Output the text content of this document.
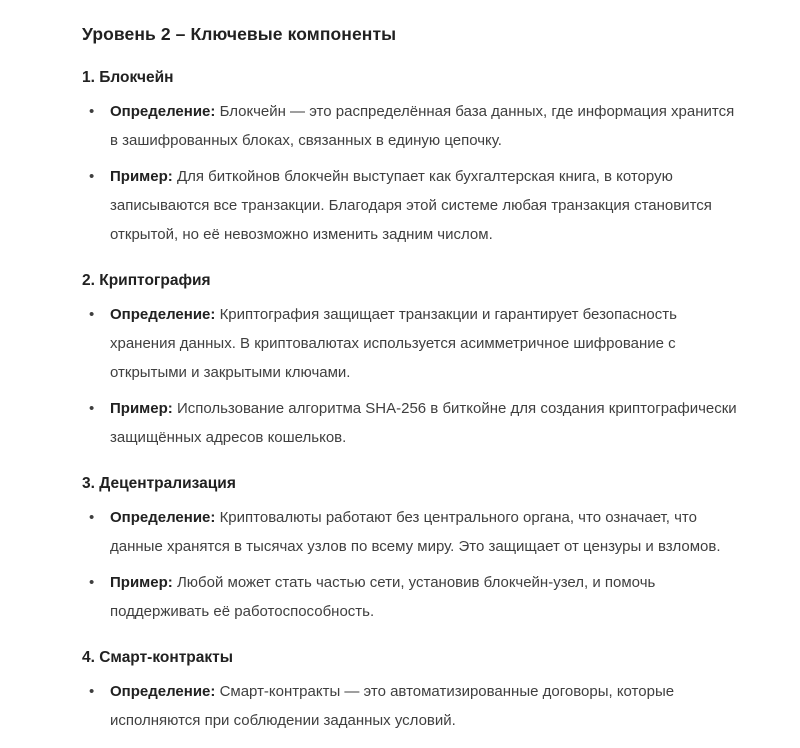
Уровень 2 – Ключевые компоненты
1. Блокчейн
• Определение: Блокчейн — это распределённая база данных, где информация хранится в зашифрованных блоках, связанных в единую цепочку.
• Пример: Для биткойнов блокчейн выступает как бухгалтерская книга, в которую записываются все транзакции. Благодаря этой системе любая транзакция становится открытой, но её невозможно изменить задним числом.
2. Криптография
• Определение: Криптография защищает транзакции и гарантирует безопасность хранения данных. В криптовалютах используется асимметричное шифрование с открытыми и закрытыми ключами.
• Пример: Использование алгоритма SHA-256 в биткойне для создания криптографически защищённых адресов кошельков.
3. Децентрализация
• Определение: Криптовалюты работают без центрального органа, что означает, что данные хранятся в тысячах узлов по всему миру. Это защищает от цензуры и взломов.
• Пример: Любой может стать частью сети, установив блокчейн-узел, и помочь поддерживать её работоспособность.
4. Смарт-контракты
• Определение: Смарт-контракты — это автоматизированные договоры, которые исполняются при соблюдении заданных условий.
